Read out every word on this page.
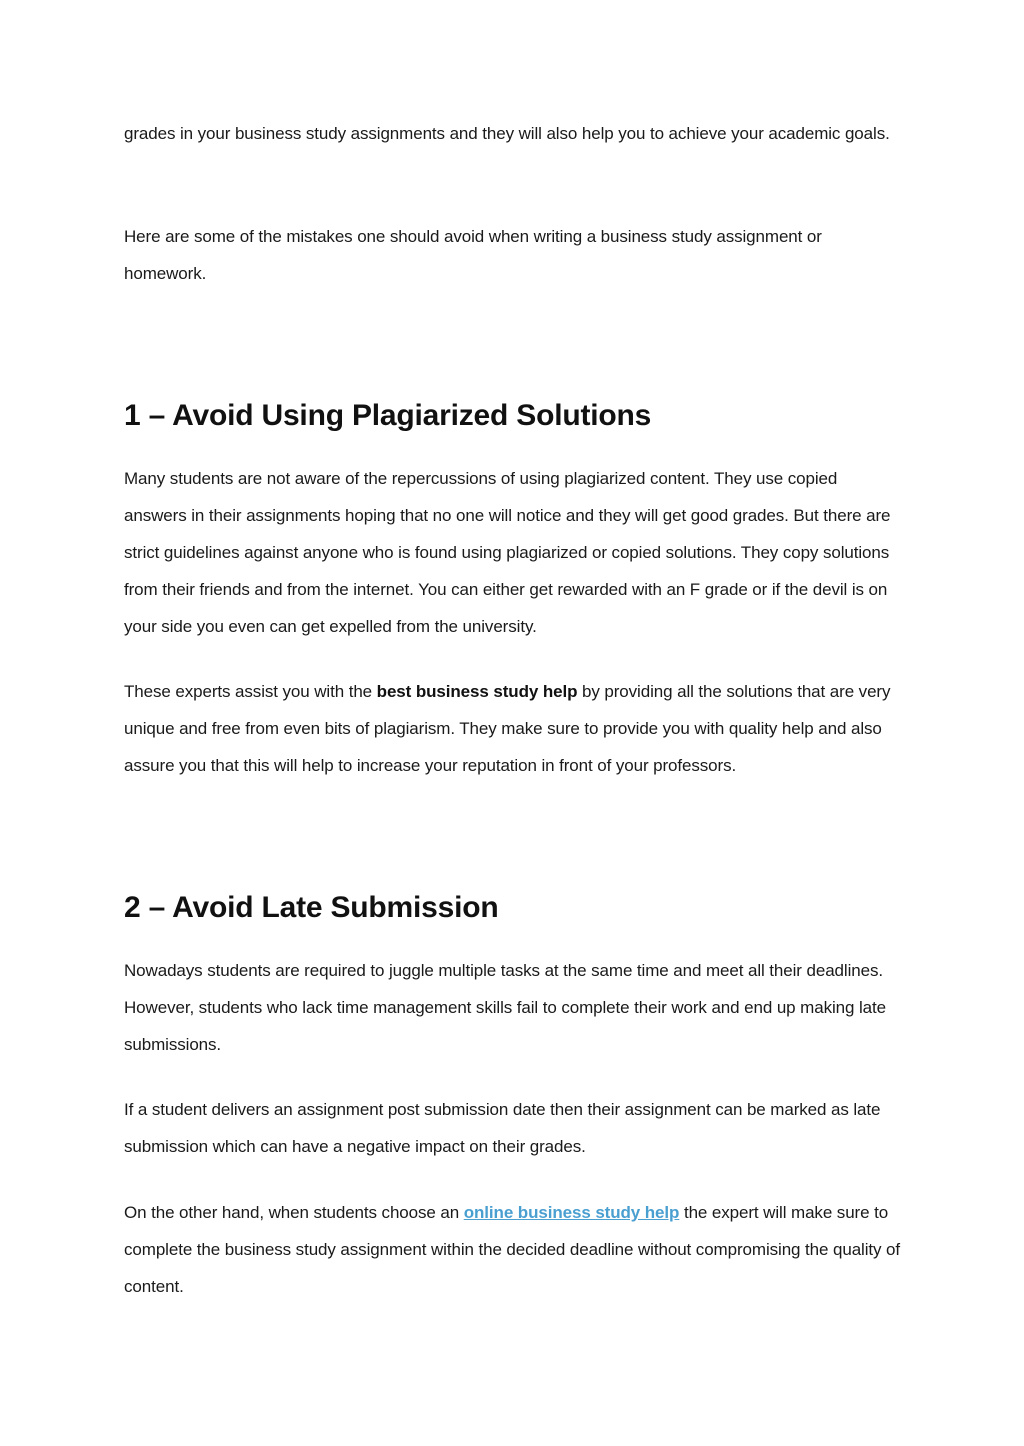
grades in your business study assignments and they will also help you to achieve your academic goals.

Here are some of the mistakes one should avoid when writing a business study assignment or homework.

1 – Avoid Using Plagiarized Solutions

Many students are not aware of the repercussions of using plagiarized content. They use copied answers in their assignments hoping that no one will notice and they will get good grades. But there are strict guidelines against anyone who is found using plagiarized or copied solutions. They copy solutions from their friends and from the internet. You can either get rewarded with an F grade or if the devil is on your side you even can get expelled from the university.

These experts assist you with the best business study help by providing all the solutions that are very unique and free from even bits of plagiarism. They make sure to provide you with quality help and also assure you that this will help to increase your reputation in front of your professors.

2 – Avoid Late Submission

Nowadays students are required to juggle multiple tasks at the same time and meet all their deadlines. However, students who lack time management skills fail to complete their work and end up making late submissions.

If a student delivers an assignment post submission date then their assignment can be marked as late submission which can have a negative impact on their grades.

On the other hand, when students choose an online business study help the expert will make sure to complete the business study assignment within the decided deadline without compromising the quality of content.
